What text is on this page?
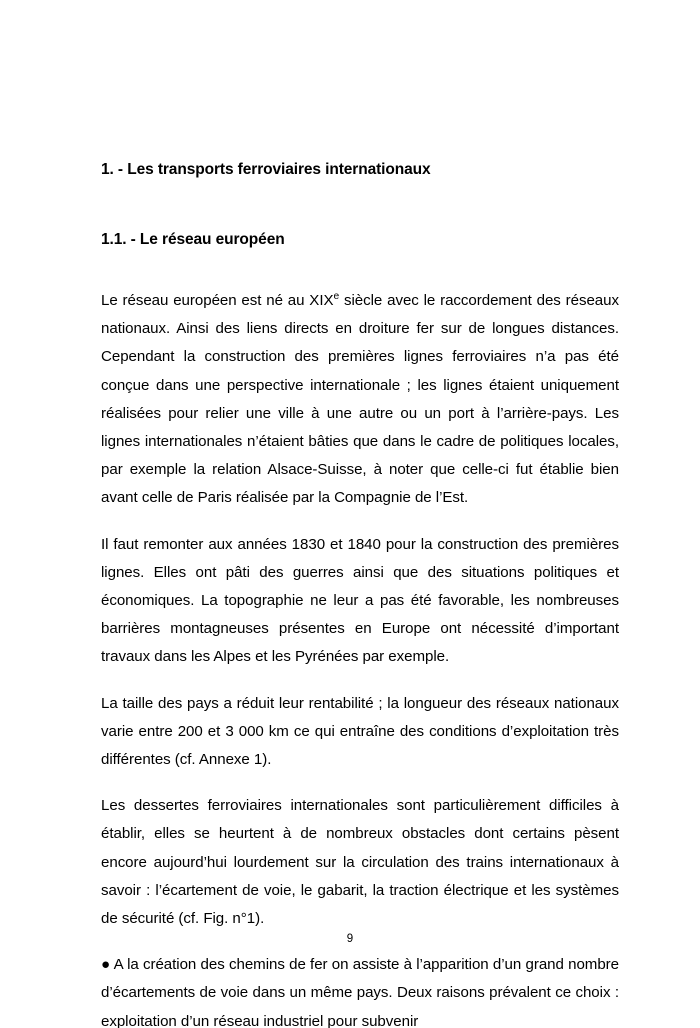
1. - Les transports ferroviaires internationaux
1.1. - Le réseau européen

Le réseau européen est né au XIXe siècle avec le raccordement des réseaux nationaux. Ainsi des liens directs en droiture fer sur de longues distances. Cependant la construction des premières lignes ferroviaires n’a pas été conçue dans une perspective internationale ; les lignes étaient uniquement réalisées pour relier une ville à une autre ou un port à l’arrière-pays. Les lignes internationales n’étaient bâties que dans le cadre de politiques locales, par exemple la relation Alsace-Suisse, à noter que celle-ci fut établie bien avant celle de Paris réalisée par la Compagnie de l’Est.

Il faut remonter aux années 1830 et 1840 pour la construction des premières lignes. Elles ont pâti des guerres ainsi que des situations politiques et économiques. La topographie ne leur a pas été favorable, les nombreuses barrières montagneuses présentes en Europe ont nécessité d’important travaux dans les Alpes et les Pyrénées par exemple.

La taille des pays a réduit leur rentabilité ; la longueur des réseaux nationaux varie entre 200 et 3 000 km ce qui entraîne des conditions d’exploitation très différentes (cf. Annexe 1).

Les dessertes ferroviaires internationales sont particulièrement difficiles à établir, elles se heurtent à de nombreux obstacles dont certains pèsent encore aujourd’hui lourdement sur la circulation des trains internationaux à savoir : l’écartement de voie, le gabarit, la traction électrique et les systèmes de sécurité (cf. Fig. n°1).

● A la création des chemins de fer on assiste à l’apparition d’un grand nombre d’écartements de voie dans un même pays. Deux raisons prévalent ce choix : exploitation d’un réseau industriel pour subvenir

9
